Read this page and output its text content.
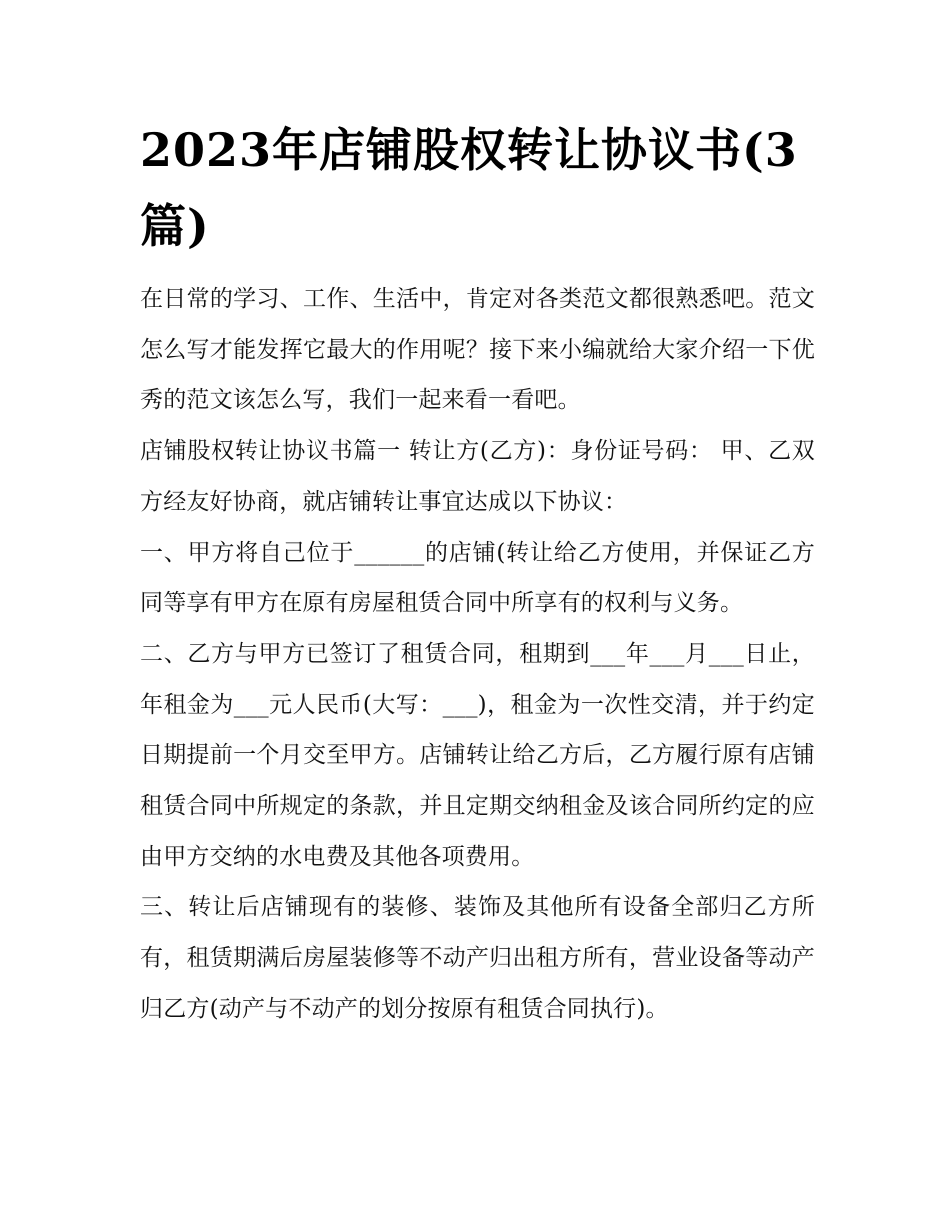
2023年店铺股权转让协议书(3篇)

在日常的学习、工作、生活中，肯定对各类范文都很熟悉吧。范文怎么写才能发挥它最大的作用呢？接下来小编就给大家介绍一下优秀的范文该怎么写，我们一起来看一看吧。

店铺股权转让协议书篇一 转让方(乙方)：身份证号码： 甲、乙双方经友好协商，就店铺转让事宜达成以下协议：

一、甲方将自己位于______的店铺(转让给乙方使用，并保证乙方同等享有甲方在原有房屋租赁合同中所享有的权利与义务。

二、乙方与甲方已签订了租赁合同，租期到___年___月___日止，年租金为___元人民币(大写：___)，租金为一次性交清，并于约定日期提前一个月交至甲方。店铺转让给乙方后，乙方履行原有店铺租赁合同中所规定的条款，并且定期交纳租金及该合同所约定的应由甲方交纳的水电费及其他各项费用。

三、转让后店铺现有的装修、装饰及其他所有设备全部归乙方所有，租赁期满后房屋装修等不动产归出租方所有，营业设备等动产归乙方(动产与不动产的划分按原有租赁合同执行)。
